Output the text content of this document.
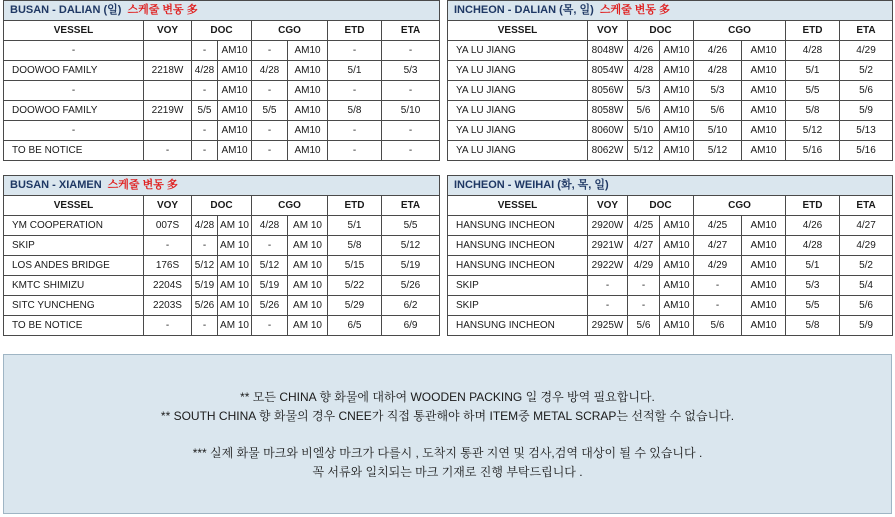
BUSAN - DALIAN (일) 스케줄 변동 多							
VESSEL	VOY	DOC		CGO		ETD	ETA
-		-	AM10	-	AM10	-	-
DOOWOO FAMILY	2218W	4/28	AM10	4/28	AM10	5/1	5/3
-		-	AM10	-	AM10	-	-
DOOWOO FAMILY	2219W	5/5	AM10	5/5	AM10	5/8	5/10
-		-	AM10	-	AM10	-	-
TO BE NOTICE	-	-	AM10	-	AM10	-	-
INCHEON - DALIAN (목, 일) 스케줄 변동 多							
VESSEL	VOY	DOC		CGO		ETD	ETA
YA LU JIANG	8048W	4/26	AM10	4/26	AM10	4/28	4/29
YA LU JIANG	8054W	4/28	AM10	4/28	AM10	5/1	5/2
YA LU JIANG	8056W	5/3	AM10	5/3	AM10	5/5	5/6
YA LU JIANG	8058W	5/6	AM10	5/6	AM10	5/8	5/9
YA LU JIANG	8060W	5/10	AM10	5/10	AM10	5/12	5/13
YA LU JIANG	8062W	5/12	AM10	5/12	AM10	5/16	5/16
BUSAN - XIAMEN 스케줄 변동 多							
VESSEL	VOY	DOC		CGO		ETD	ETA
YM COOPERATION	007S	4/28	AM 10	4/28	AM 10	5/1	5/5
SKIP	-	-	AM 10	-	AM 10	5/8	5/12
LOS ANDES BRIDGE	176S	5/12	AM 10	5/12	AM 10	5/15	5/19
KMTC SHIMIZU	2204S	5/19	AM 10	5/19	AM 10	5/22	5/26
SITC YUNCHENG	2203S	5/26	AM 10	5/26	AM 10	5/29	6/2
TO BE NOTICE	-	-	AM 10	-	AM 10	6/5	6/9
INCHEON - WEIHAI (화, 목, 일)							
VESSEL	VOY	DOC		CGO		ETD	ETA
HANSUNG INCHEON	2920W	4/25	AM10	4/25	AM10	4/26	4/27
HANSUNG INCHEON	2921W	4/27	AM10	4/27	AM10	4/28	4/29
HANSUNG INCHEON	2922W	4/29	AM10	4/29	AM10	5/1	5/2
SKIP	-	-	AM10	-	AM10	5/3	5/4
SKIP	-	-	AM10	-	AM10	5/5	5/6
HANSUNG INCHEON	2925W	5/6	AM10	5/6	AM10	5/8	5/9

** 모든 CHINA 향 화물에 대하여 WOODEN PACKING 일 경우 방역 필요합니다.

** SOUTH CHINA 향 화물의 경우 CNEE가 직접 통관해야 하며 ITEM중 METAL SCRAP는 선적할 수 없습니다.

*** 실제 화물 마크와 비엘상 마크가 다를시 , 도착지 통관 지연 및 검사,검역 대상이 될 수 있습니다 .

꼭 서류와 일치되는 마크 기재로 진행 부탁드립니다 .
